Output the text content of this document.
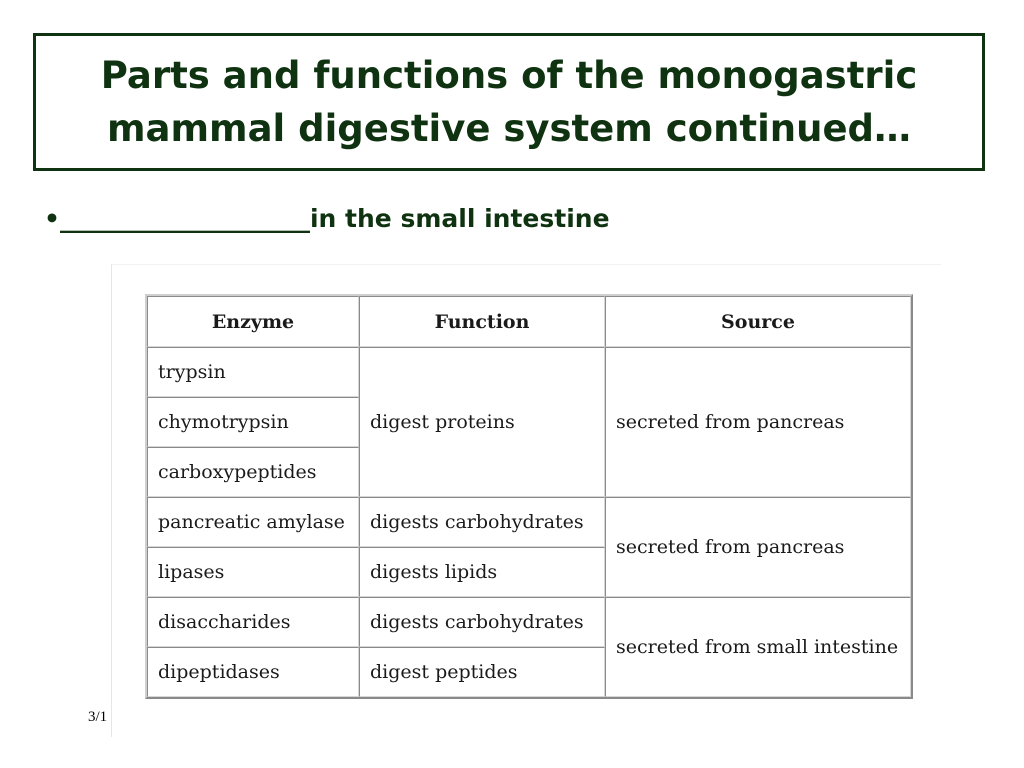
Parts and functions of the monogastric
mammal digestive system continued…
•____________________in the small intestine
Enzyme	Function	Source
trypsin	digest proteins	secreted from pancreas
chymotrypsin		
carboxypeptides		
pancreatic amylase	digests carbohydrates	secreted from pancreas
lipases	digests lipids	
disaccharides	digests carbohydrates	secreted from small intestine
dipeptidases	digest peptides	
3/1
